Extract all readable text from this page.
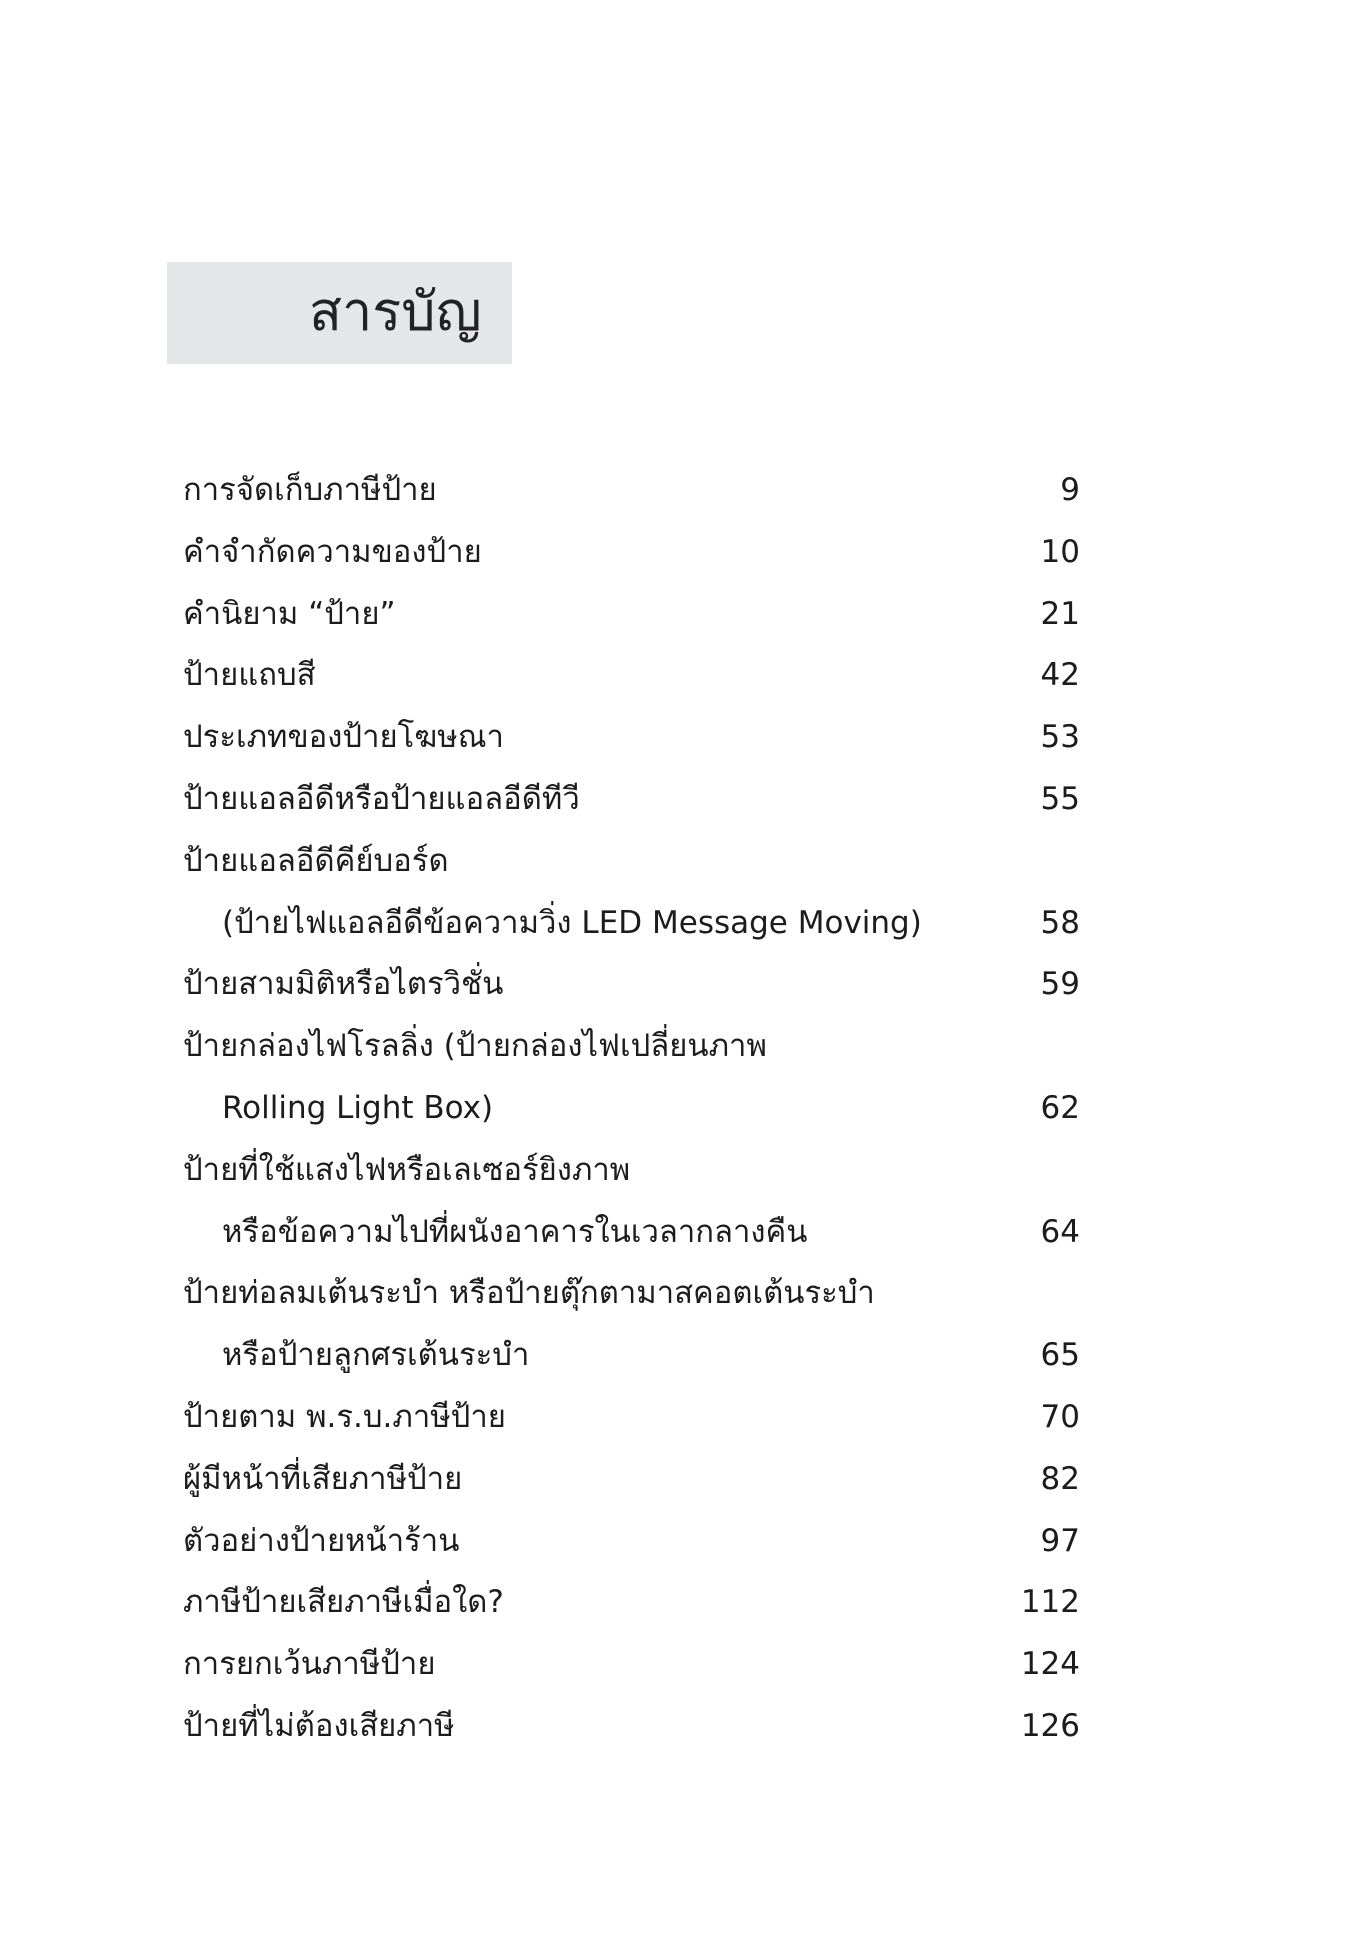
สารบัญ
การจัดเก็บภาษีป้าย	9
คำจำกัดความของป้าย	10
คำนิยาม “ป้าย”	21
ป้ายแถบสี	42
ประเภทของป้ายโฆษณา	53
ป้ายแอลอีดีหรือป้ายแอลอีดีทีวี	55
ป้ายแอลอีดีคีย์บอร์ด
(ป้ายไฟแอลอีดีข้อความวิ่ง LED Message Moving)	58
ป้ายสามมิติหรือไตรวิชั่น	59
ป้ายกล่องไฟโรลลิ่ง (ป้ายกล่องไฟเปลี่ยนภาพ
Rolling Light Box)	62
ป้ายที่ใช้แสงไฟหรือเลเซอร์ยิงภาพ
หรือข้อความไปที่ผนังอาคารในเวลากลางคืน	64
ป้ายท่อลมเต้นระบำ หรือป้ายตุ๊กตามาสคอตเต้นระบำ
หรือป้ายลูกศรเต้นระบำ	65
ป้ายตาม พ.ร.บ.ภาษีป้าย	70
ผู้มีหน้าที่เสียภาษีป้าย	82
ตัวอย่างป้ายหน้าร้าน	97
ภาษีป้ายเสียภาษีเมื่อใด?	112
การยกเว้นภาษีป้าย	124
ป้ายที่ไม่ต้องเสียภาษี	126
